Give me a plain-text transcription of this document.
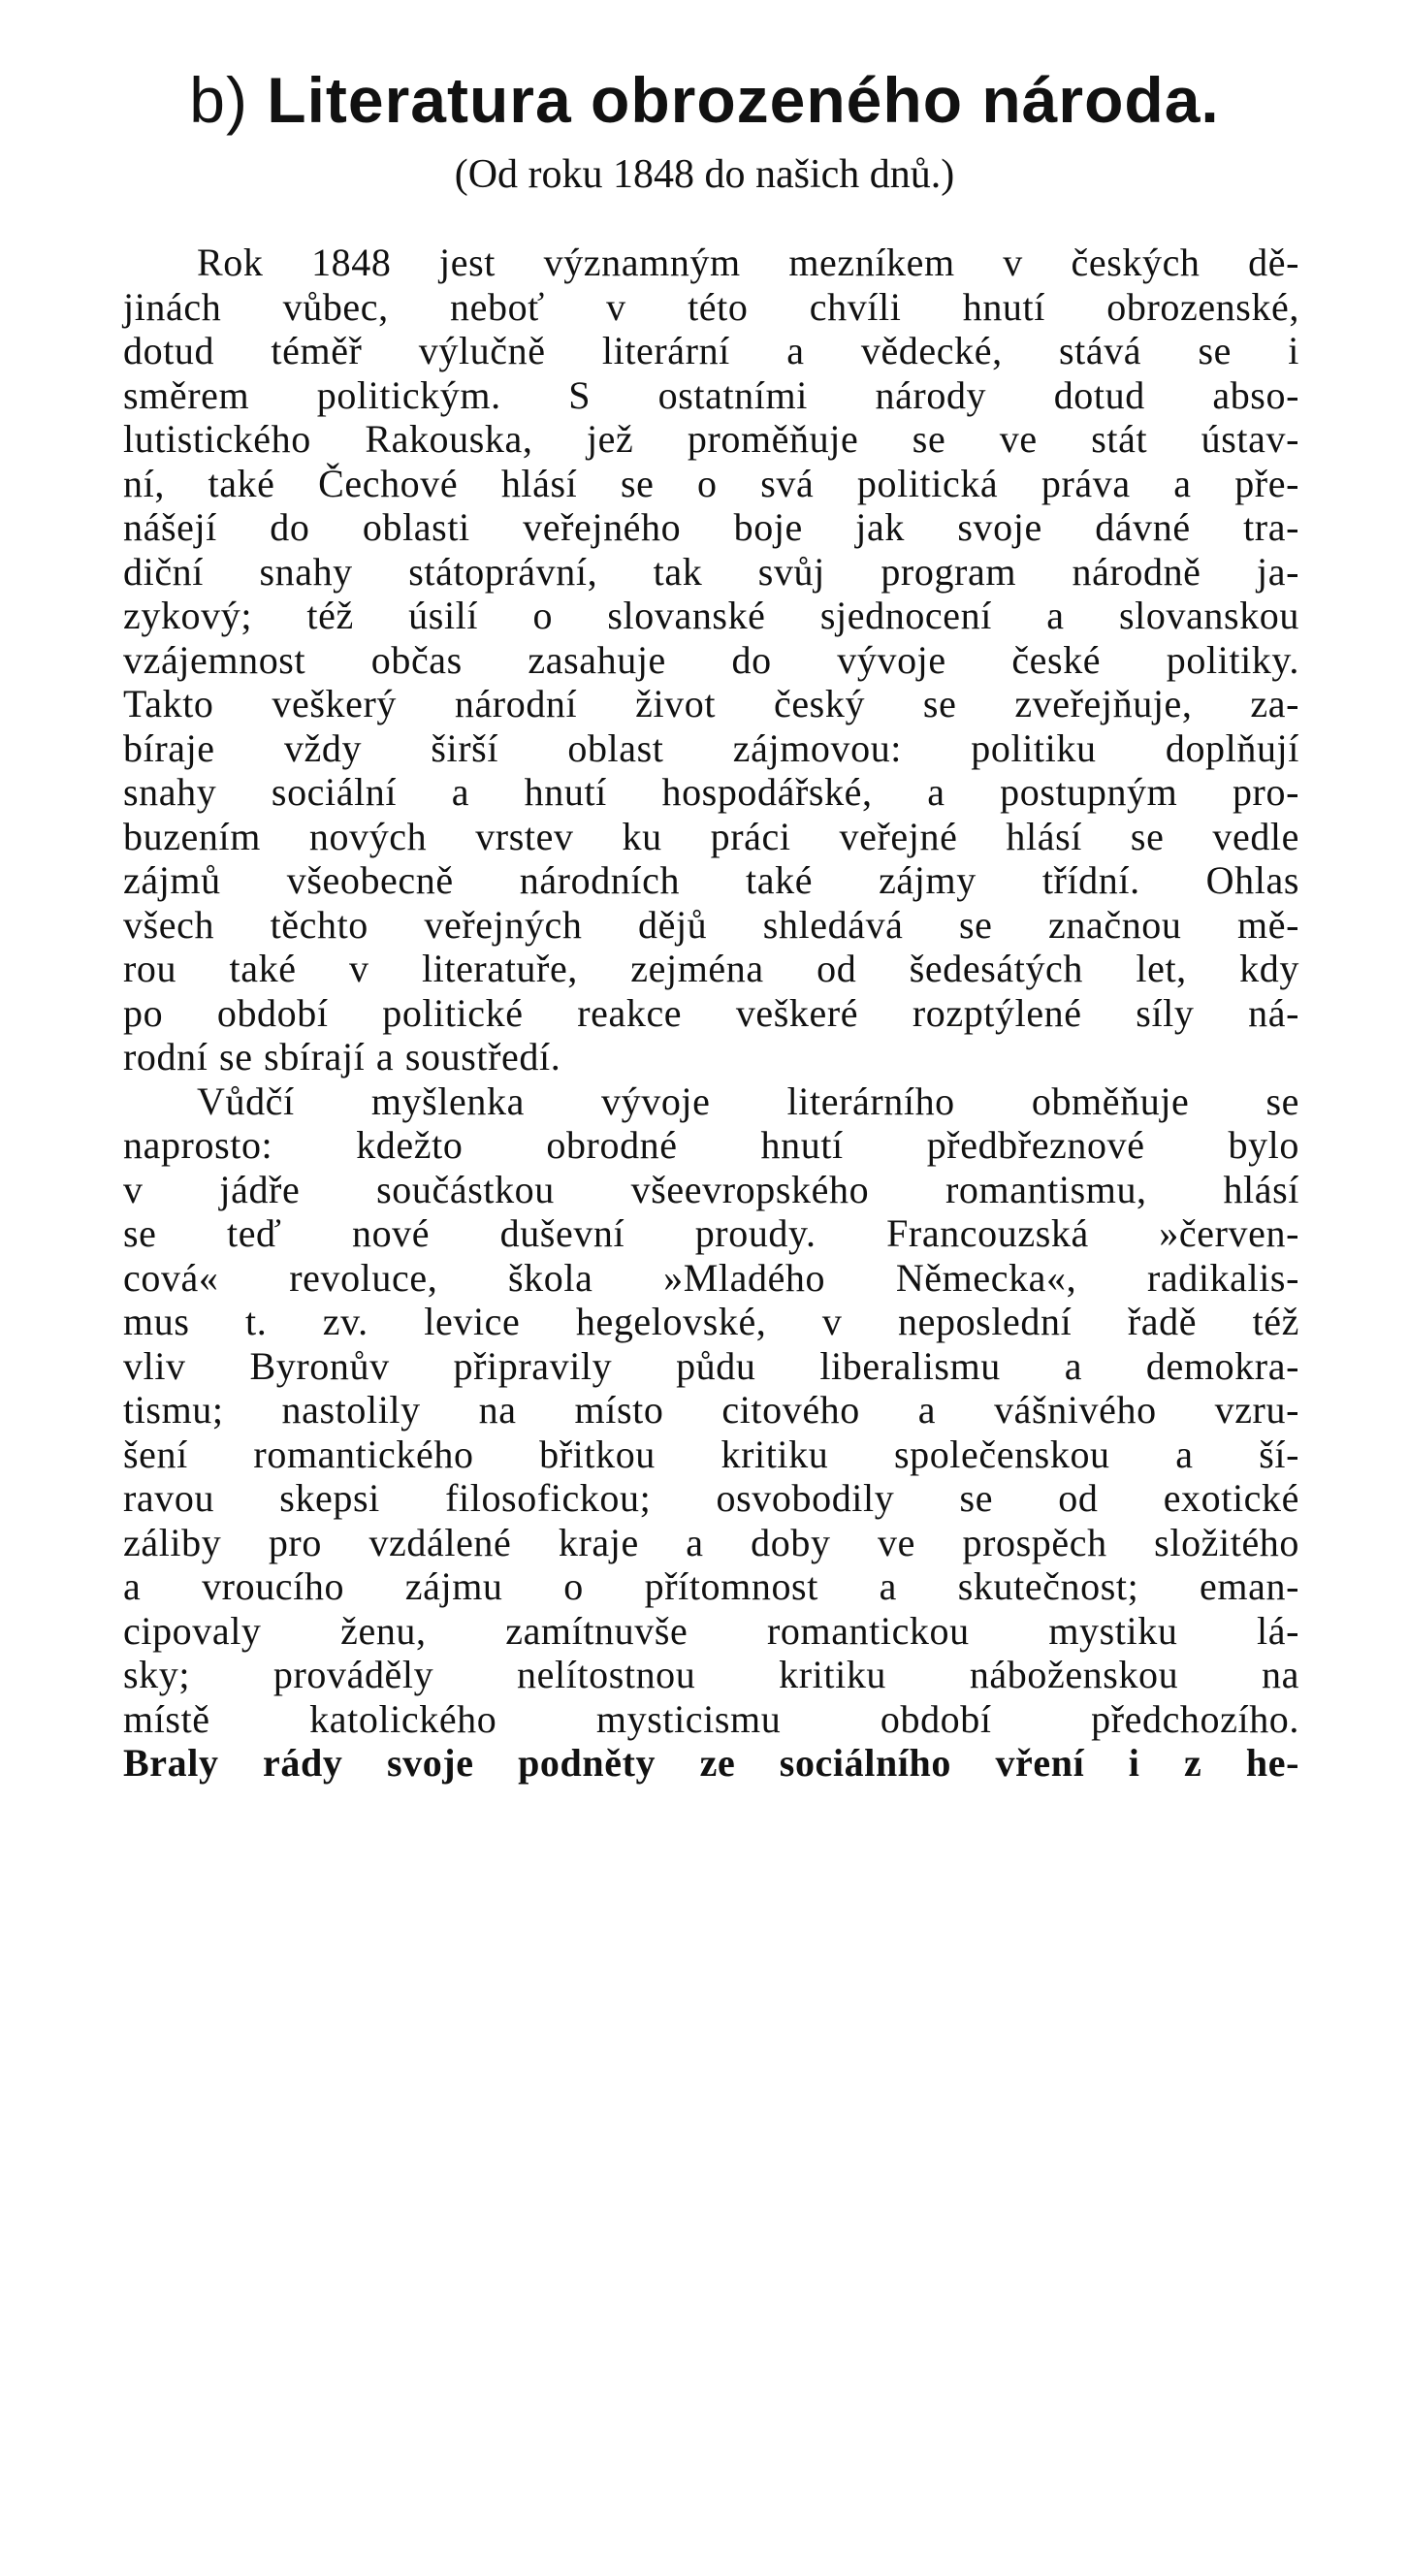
b) Literatura obrozeného národa.
(Od roku 1848 do našich dnů.)
Rok 1848 jest významným mezníkem v českých dě-
jinách vůbec, neboť v této chvíli hnutí obrozenské,
dotud téměř výlučně literární a vědecké, stává se i
směrem politickým. S ostatními národy dotud abso-
lutistického Rakouska, jež proměňuje se ve stát ústav-
ní, také Čechové hlásí se o svá politická práva a pře-
nášejí do oblasti veřejného boje jak svoje dávné tra-
diční snahy státoprávní, tak svůj program národně ja-
zykový; též úsilí o slovanské sjednocení a slovanskou
vzájemnost občas zasahuje do vývoje české politiky.
Takto veškerý národní život český se zveřejňuje, za-
bíraje vždy širší oblast zájmovou: politiku doplňují
snahy sociální a hnutí hospodářské, a postupným pro-
buzením nových vrstev ku práci veřejné hlásí se vedle
zájmů všeobecně národních také zájmy třídní. Ohlas
všech těchto veřejných dějů shledává se značnou mě-
rou také v literatuře, zejména od šedesátých let, kdy
po období politické reakce veškeré rozptýlené síly ná-
rodní se sbírají a soustředí.
Vůdčí myšlenka vývoje literárního obměňuje se
naprosto: kdežto obrodné hnutí předbřeznové bylo
v jádře součástkou všeevropského romantismu, hlásí
se teď nové duševní proudy. Francouzská »červen-
cová« revoluce, škola »Mladého Německa«, radikalis-
mus t. zv. levice hegelovské, v neposlední řadě též
vliv Byronův připravily půdu liberalismu a demokra-
tismu; nastolily na místo citového a vášnivého vzru-
šení romantického břitkou kritiku společenskou a ší-
ravou skepsi filosofickou; osvobodily se od exotické
záliby pro vzdálené kraje a doby ve prospěch složitého
a vroucího zájmu o přítomnost a skutečnost; eman-
cipovaly ženu, zamítnuvše romantickou mystiku lá-
sky; prováděly nelítostnou kritiku náboženskou na
místě katolického mysticismu období předchozího.
Braly rády svoje podněty ze sociálního vření i z he-
